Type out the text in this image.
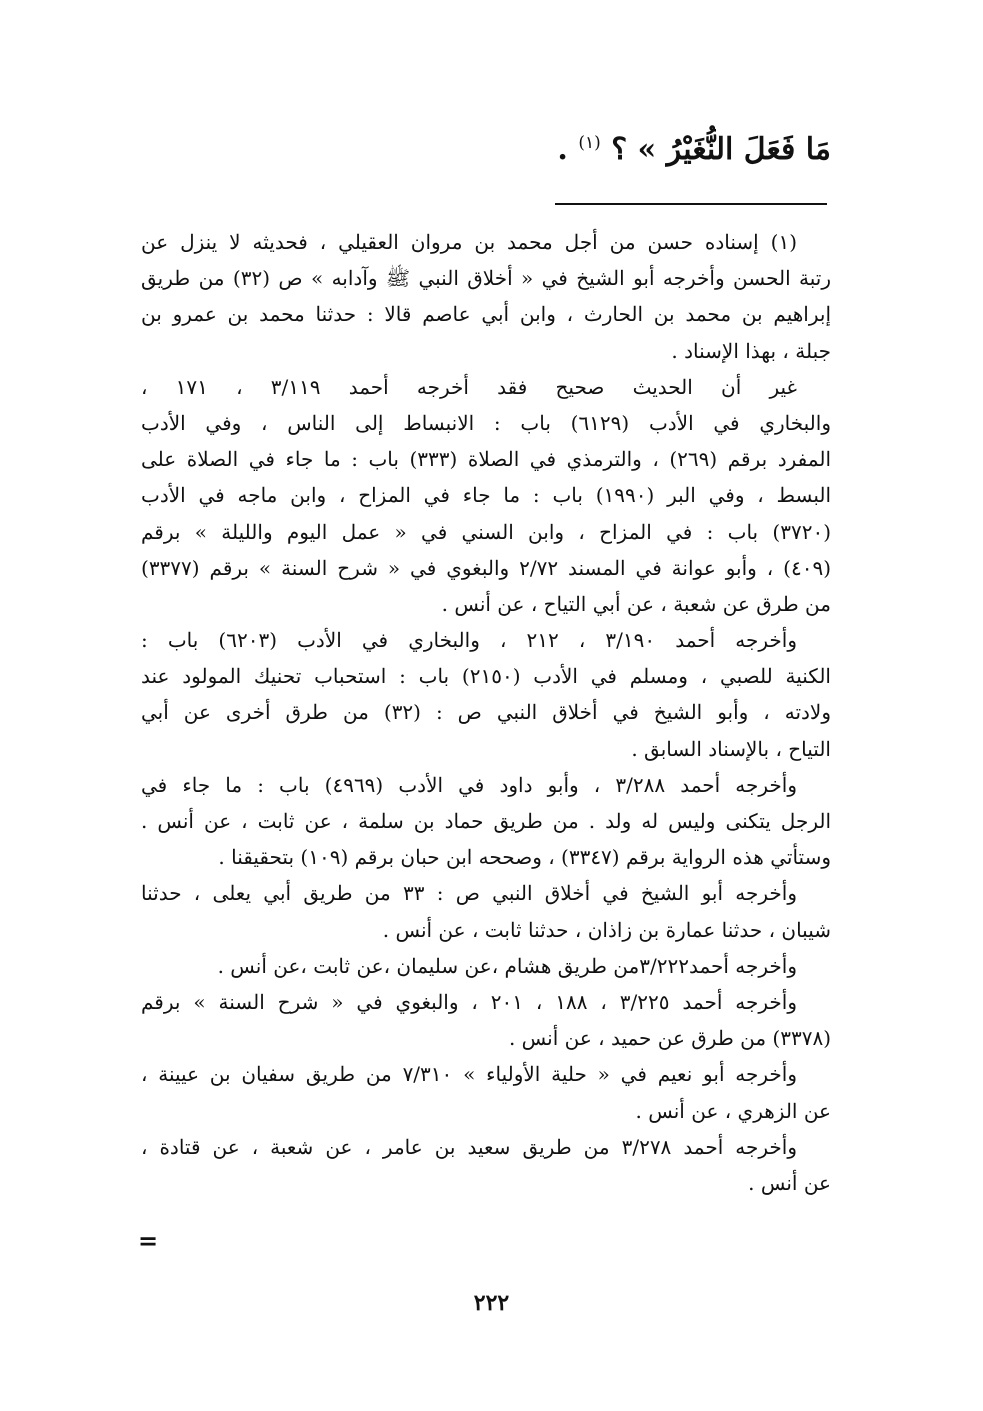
مَا فَعَلَ النُّغَيْرُ » ؟ $^{(١)}$ .
(١) إسناده حسن من أجل محمد بن مروان العقيلي ، فحديثه لا ينزل عن
رتبة الحسن وأخرجه أبو الشيخ في « أخلاق النبي ﷺ وآدابه » ص (٣٢) من طريق
إبراهيم بن محمد بن الحارث ، وابن أبي عاصم قالا : حدثنا محمد بن عمرو بن
جبلة ، بهذا الإسناد .
غير أن الحديث صحيح فقد أخرجه أحمد ٣/١١٩ ، ١٧١ ،
والبخاري في الأدب (٦١٢٩) باب : الانبساط إلى الناس ، وفي الأدب
المفرد برقم (٢٦٩) ، والترمذي في الصلاة (٣٣٣) باب : ما جاء في الصلاة على
البسط ، وفي البر (١٩٩٠) باب : ما جاء في المزاح ، وابن ماجه في الأدب
(٣٧٢٠) باب : في المزاح ، وابن السني في « عمل اليوم والليلة » برقم
(٤٠٩) ، وأبو عوانة في المسند ٢/٧٢ والبغوي في « شرح السنة » برقم (٣٣٧٧)
من طرق عن شعبة ، عن أبي التياح ، عن أنس .
وأخرجه أحمد ٣/١٩٠ ، ٢١٢ ، والبخاري في الأدب (٦٢٠٣) باب :
الكنية للصبي ، ومسلم في الأدب (٢١٥٠) باب : استحباب تحنيك المولود عند
ولادته ، وأبو الشيخ في أخلاق النبي ص : (٣٢) من طرق أخرى عن أبي
التياح ، بالإسناد السابق .
وأخرجه أحمد ٣/٢٨٨ ، وأبو داود في الأدب (٤٩٦٩) باب : ما جاء في
الرجل يتكنى وليس له ولد . من طريق حماد بن سلمة ، عن ثابت ، عن أنس .
وستأتي هذه الرواية برقم (٣٣٤٧) ، وصححه ابن حبان برقم (١٠٩) بتحقيقنا .
وأخرجه أبو الشيخ في أخلاق النبي ص : ٣٣ من طريق أبي يعلى ، حدثنا
شيبان ، حدثنا عمارة بن زاذان ، حدثنا ثابت ، عن أنس .
وأخرجه أحمد٣/٢٢٢من طريق هشام ،عن سليمان ،عن ثابت ،عن أنس .
وأخرجه أحمد ٣/٢٢٥ ، ١٨٨ ، ٢٠١ ، والبغوي في « شرح السنة » برقم
(٣٣٧٨) من طرق عن حميد ، عن أنس .
وأخرجه أبو نعيم في « حلية الأولياء » ٧/٣١٠ من طريق سفيان بن عيينة ،
عن الزهري ، عن أنس .
وأخرجه أحمد ٣/٢٧٨ من طريق سعيد بن عامر ، عن شعبة ، عن قتادة ،
عن أنس .
=
٢٢٢
